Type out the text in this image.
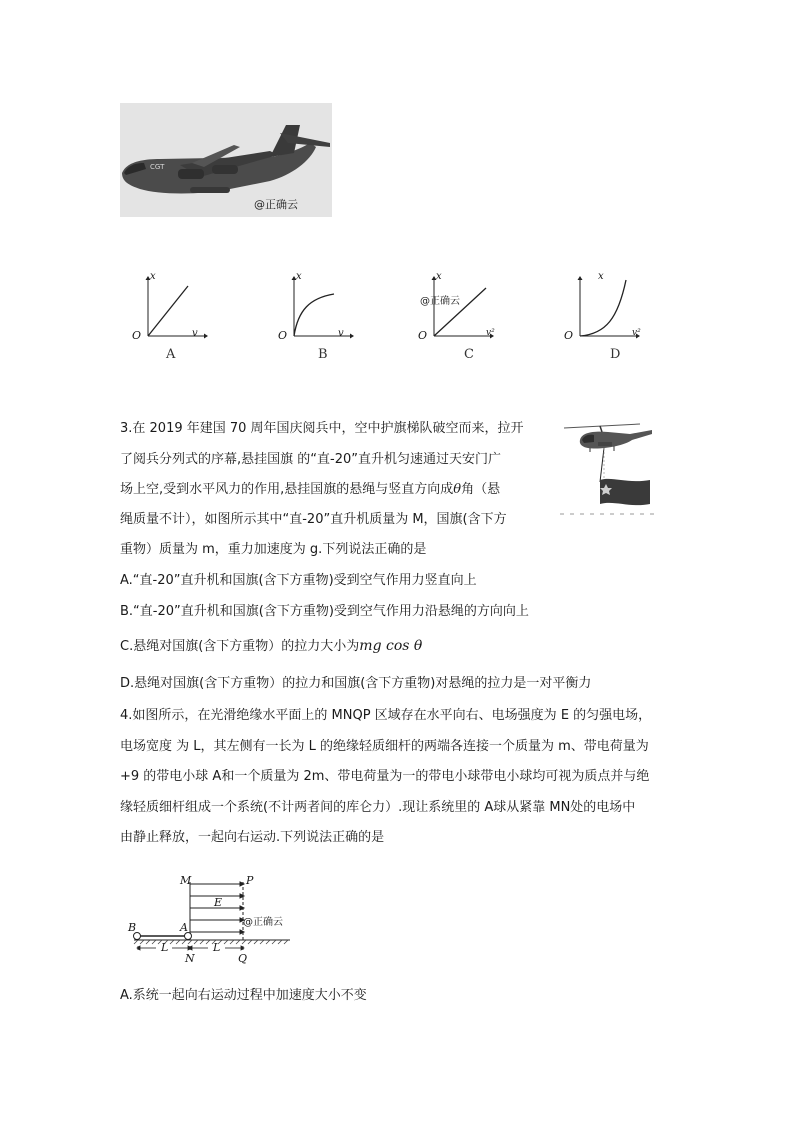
CGT
@正确云
x
O	v
A
x
O	v
B
x
O	v²
@正确云
C
x
O	v²
D
3.在 2019 年建国 70 周年国庆阅兵中，空中护旗梯队破空而来，拉开
了阅兵分列式的序幕,悬挂国旗 的“直-20”直升机匀速通过天安门广
场上空,受到水平风力的作用,悬挂国旗的悬绳与竖直方向成θ角（悬
绳质量不计），如图所示其中“直-20”直升机质量为 M，国旗(含下方
重物）质量为 m，重力加速度为 g.下列说法正确的是
A.“直-20”直升机和国旗(含下方重物)受到空气作用力竖直向上
B.“直-20”直升机和国旗(含下方重物)受到空气作用力沿悬绳的方向向上
C.悬绳对国旗(含下方重物）的拉力大小为mg cos θ
D.悬绳对国旗(含下方重物）的拉力和国旗(含下方重物)对悬绳的拉力是一对平衡力
4.如图所示，在光滑绝缘水平面上的 MNQP 区域存在水平向右、电场强度为 E 的匀强电场，
电场宽度 为 L，其左侧有一长为 L 的绝缘轻质细杆的两端各连接一个质量为 m、带电荷量为
+9 的带电小球 A和一个质量为 2m、带电荷量为一的带电小球带电小球均可视为质点并与绝
缘轻质细杆组成一个系统(不计两者间的库仑力）.现让系统里的 A球从紧靠 MN处的电场中
由静止释放，一起向右运动.下列说法正确的是
M	P
E
@正确云
B	A
L	L
N	Q
A.系统一起向右运动过程中加速度大小不变
